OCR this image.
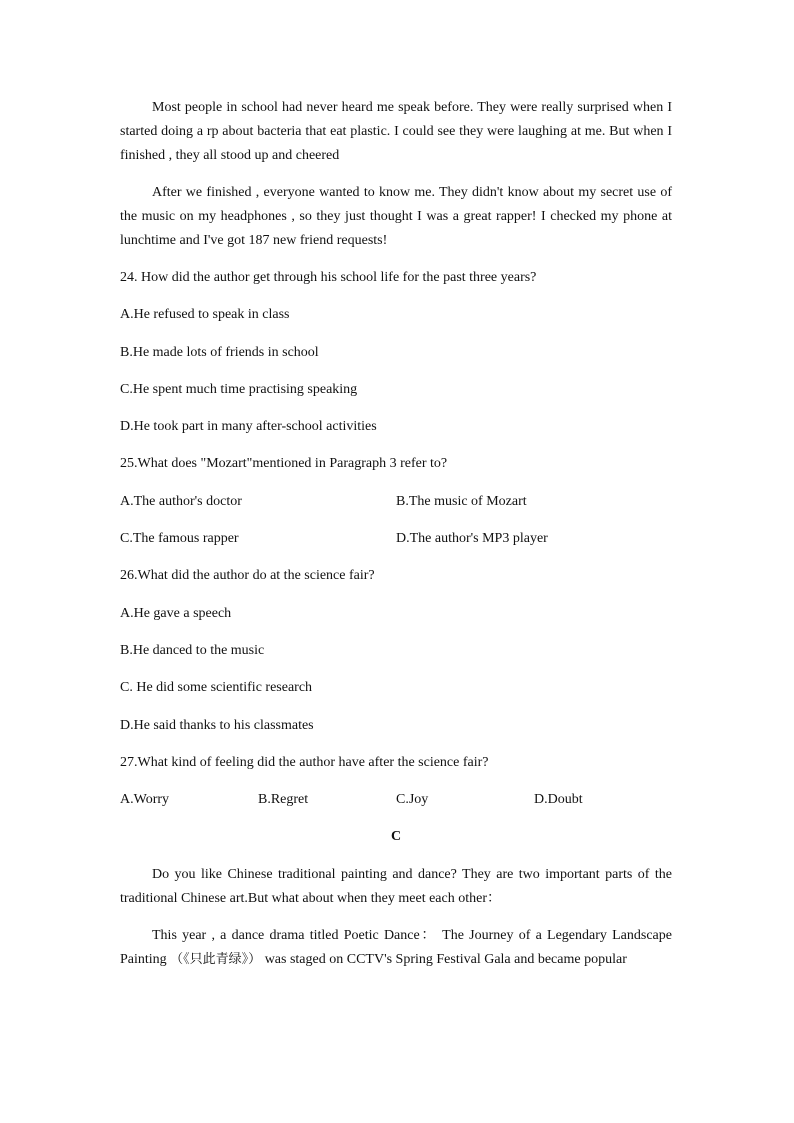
Most people in school had never heard me speak before. They were really surprised when I started doing a rp about bacteria that eat plastic. I could see they were laughing at me. But when I finished , they all stood up and cheered

After we finished , everyone wanted to know me. They didn't know about my secret use of the music on my headphones , so they just thought I was a great rapper! I checked my phone at lunchtime and I've got 187 new friend requests!

24. How did the author get through his school life for the past three years?

A.He refused to speak in class

B.He made lots of friends in school

C.He spent much time practising speaking

D.He took part in many after-school activities

25.What does "Mozart"mentioned in Paragraph 3 refer to?

A.The author's doctor	B.The music of Mozart
C.The famous rapper	D.The author's MP3 player

26.What did the author do at the science fair?

A.He gave a speech

B.He danced to the music

C. He did some scientific research

D.He said thanks to his classmates

27.What kind of feeling did the author have after the science fair?

A.Worry	B.Regret	C.Joy	D.Doubt

C

Do you like Chinese traditional painting and dance? They are two important parts of the traditional Chinese art.But what about when they meet each other：

This year , a dance drama titled Poetic Dance： The Journey of a Legendary Landscape Painting （《只此青绿》） was staged on CCTV's Spring Festival Gala and became popular
